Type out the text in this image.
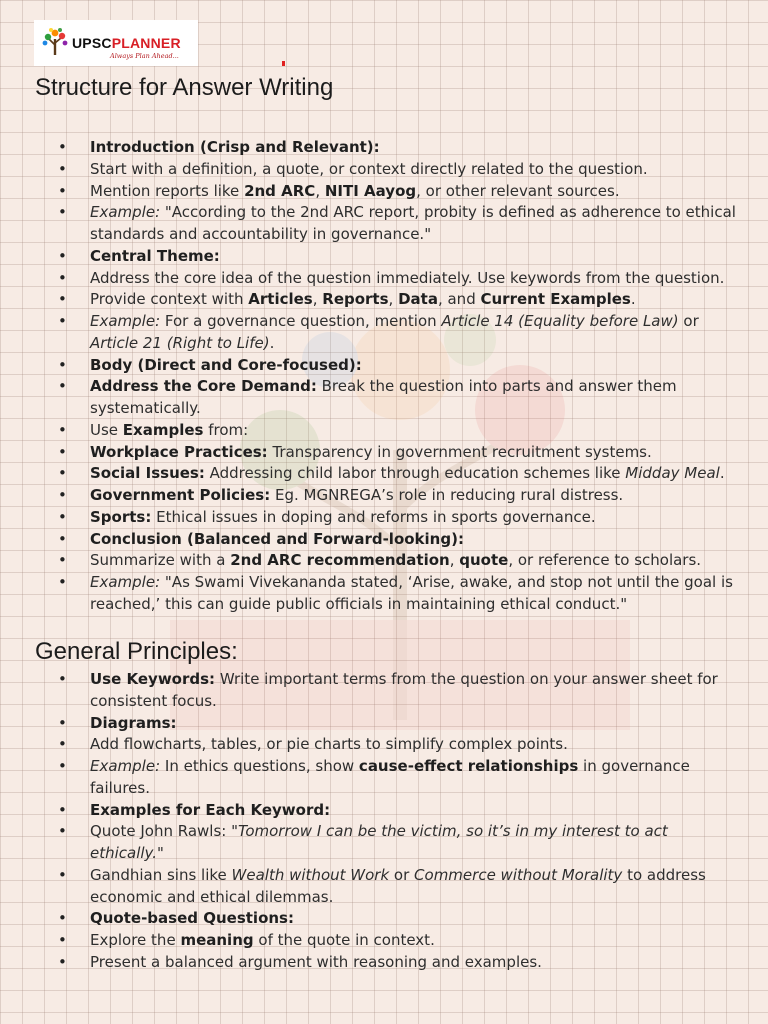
UPSCPLANNER
Always Plan Ahead...
Structure for Answer Writing
• Introduction (Crisp and Relevant):
• Start with a definition, a quote, or context directly related to the question.
• Mention reports like 2nd ARC, NITI Aayog, or other relevant sources.
• Example: "According to the 2nd ARC report, probity is defined as adherence to ethical standards and accountability in governance."
• Central Theme:
• Address the core idea of the question immediately. Use keywords from the question.
• Provide context with Articles, Reports, Data, and Current Examples.
• Example: For a governance question, mention Article 14 (Equality before Law) or Article 21 (Right to Life).
• Body (Direct and Core-focused):
• Address the Core Demand: Break the question into parts and answer them systematically.
• Use Examples from:
• Workplace Practices: Transparency in government recruitment systems.
• Social Issues: Addressing child labor through education schemes like Midday Meal.
• Government Policies: Eg. MGNREGA’s role in reducing rural distress.
• Sports: Ethical issues in doping and reforms in sports governance.
• Conclusion (Balanced and Forward-looking):
• Summarize with a 2nd ARC recommendation, quote, or reference to scholars.
• Example: "As Swami Vivekananda stated, ‘Arise, awake, and stop not until the goal is reached,’ this can guide public officials in maintaining ethical conduct."
General Principles:
• Use Keywords: Write important terms from the question on your answer sheet for consistent focus.
• Diagrams:
• Add flowcharts, tables, or pie charts to simplify complex points.
• Example: In ethics questions, show cause-effect relationships in governance failures.
• Examples for Each Keyword:
• Quote John Rawls: "Tomorrow I can be the victim, so it’s in my interest to act ethically."
• Gandhian sins like Wealth without Work or Commerce without Morality to address economic and ethical dilemmas.
• Quote-based Questions:
• Explore the meaning of the quote in context.
• Present a balanced argument with reasoning and examples.
